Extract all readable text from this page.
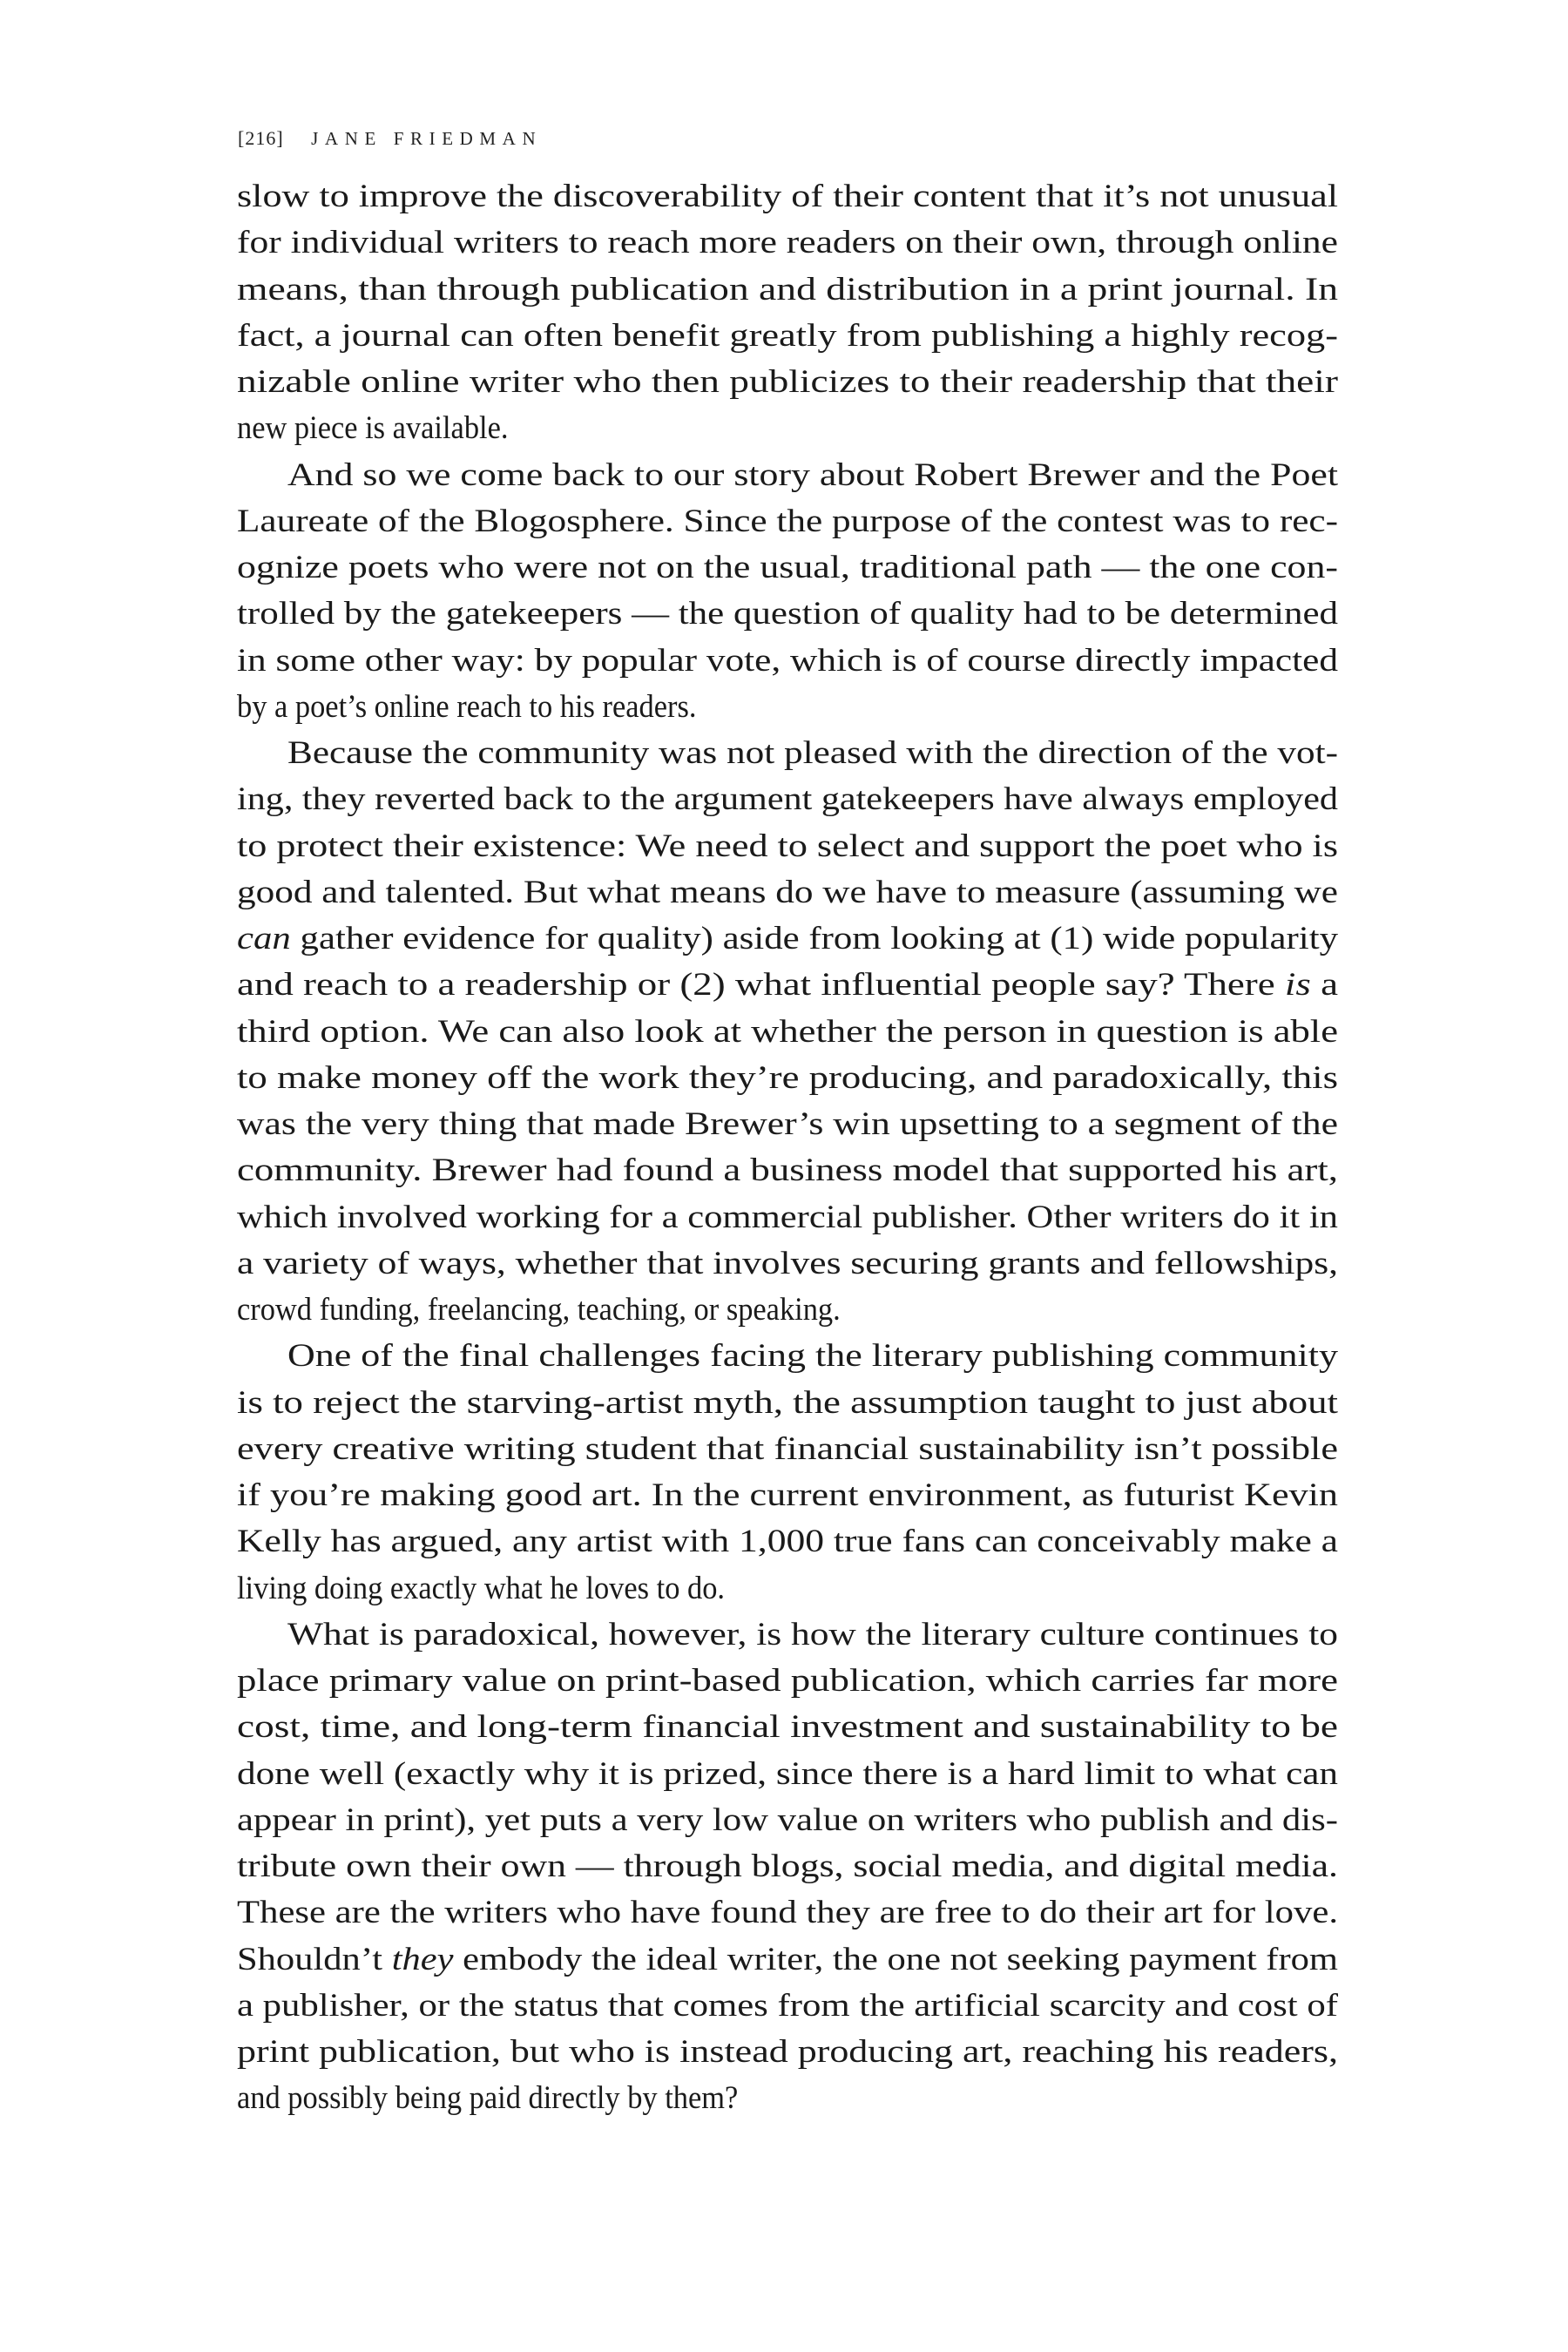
[216] JANE FRIEDMAN
slow to improve the discoverability of their content that it’s not unusual
for individual writers to reach more readers on their own, through online
means, than through publication and distribution in a print journal. In
fact, a journal can often benefit greatly from publishing a highly recog-
nizable online writer who then publicizes to their readership that their
new piece is available.
And so we come back to our story about Robert Brewer and the Poet
Laureate of the Blogosphere. Since the purpose of the contest was to rec-
ognize poets who were not on the usual, traditional path — the one con-
trolled by the gatekeepers — the question of quality had to be determined
in some other way: by popular vote, which is of course directly impacted
by a poet’s online reach to his readers.
Because the community was not pleased with the direction of the vot-
ing, they reverted back to the argument gatekeepers have always employed
to protect their existence: We need to select and support the poet who is
good and talented. But what means do we have to measure (assuming we
can gather evidence for quality) aside from looking at (1) wide popularity
and reach to a readership or (2) what influential people say? There is a
third option. We can also look at whether the person in question is able
to make money off the work they’re producing, and paradoxically, this
was the very thing that made Brewer’s win upsetting to a segment of the
community. Brewer had found a business model that supported his art,
which involved working for a commercial publisher. Other writers do it in
a variety of ways, whether that involves securing grants and fellowships,
crowd funding, freelancing, teaching, or speaking.
One of the final challenges facing the literary publishing community
is to reject the starving-artist myth, the assumption taught to just about
every creative writing student that financial sustainability isn’t possible
if you’re making good art. In the current environment, as futurist Kevin
Kelly has argued, any artist with 1,000 true fans can conceivably make a
living doing exactly what he loves to do.
What is paradoxical, however, is how the literary culture continues to
place primary value on print-based publication, which carries far more
cost, time, and long-term financial investment and sustainability to be
done well (exactly why it is prized, since there is a hard limit to what can
appear in print), yet puts a very low value on writers who publish and dis-
tribute own their own — through blogs, social media, and digital media.
These are the writers who have found they are free to do their art for love.
Shouldn’t they embody the ideal writer, the one not seeking payment from
a publisher, or the status that comes from the artificial scarcity and cost of
print publication, but who is instead producing art, reaching his readers,
and possibly being paid directly by them?
